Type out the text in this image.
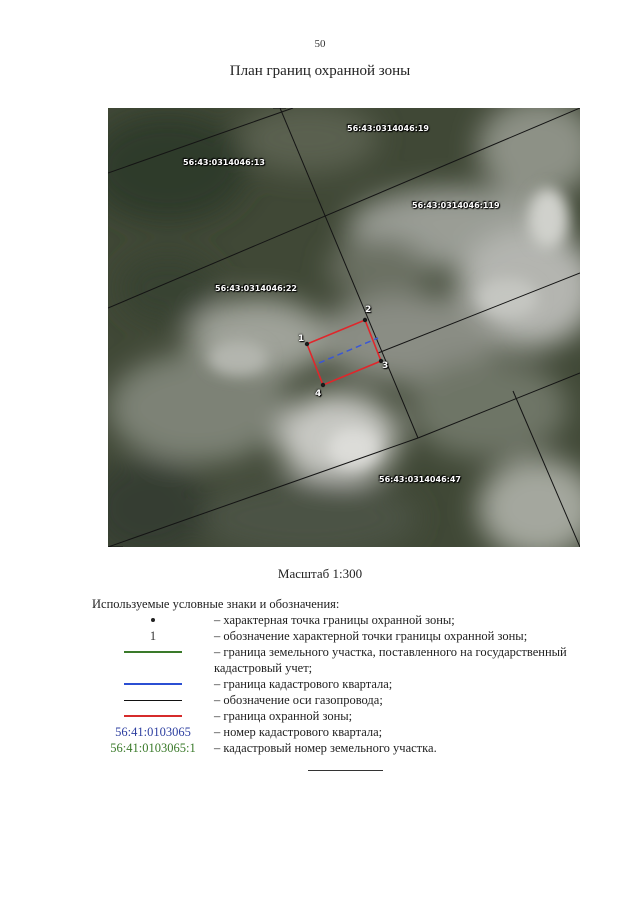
50
План границ охранной зоны
56:43:0314046:19
56:43:0314046:13
56:43:0314046:119
56:43:0314046:22
56:43:0314046:47
1
2
3
4
Масштаб 1:300
Используемые условные знаки и обозначения:
– характерная точка границы охранной зоны;
1	– обозначение характерной точки границы охранной зоны;
– граница земельного участка, поставленного на государственный кадастровый учет;
– граница кадастрового квартала;
– обозначение оси газопровода;
– граница охранной зоны;
56:41:0103065 – номер кадастрового квартала;
56:41:0103065:1 – кадастровый номер земельного участка.
